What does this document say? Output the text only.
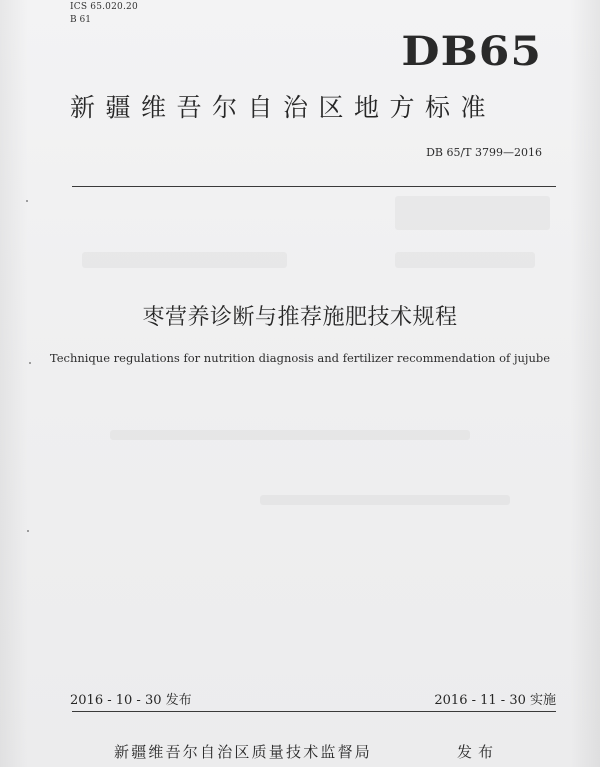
ICS 65.020.20
B 61
DB65
新疆维吾尔自治区地方标准
DB 65/T 3799—2016
枣营养诊断与推荐施肥技术规程
Technique regulations for nutrition diagnosis and fertilizer recommendation of jujube
2016 - 10 - 30 发布	2016 - 11 - 30 实施
新疆维吾尔自治区质量技术监督局	发布
